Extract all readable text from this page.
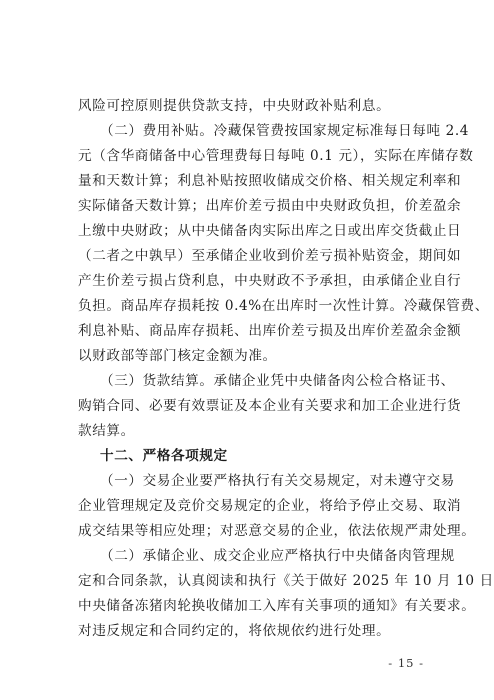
风险可控原则提供贷款支持，中央财政补贴利息。
（二）费用补贴。冷藏保管费按国家规定标准每日每吨 2.4
元（含华商储备中心管理费每日每吨 0.1 元），实际在库储存数
量和天数计算；利息补贴按照收储成交价格、相关规定利率和
实际储备天数计算；出库价差亏损由中央财政负担，价差盈余
上缴中央财政；从中央储备肉实际出库之日或出库交货截止日
（二者之中孰早）至承储企业收到价差亏损补贴资金，期间如
产生价差亏损占贷利息，中央财政不予承担，由承储企业自行
负担。商品库存损耗按 0.4%在出库时一次性计算。冷藏保管费、
利息补贴、商品库存损耗、出库价差亏损及出库价差盈余金额
以财政部等部门核定金额为准。
（三）货款结算。承储企业凭中央储备肉公检合格证书、
购销合同、必要有效票证及本企业有关要求和加工企业进行货
款结算。
十二、严格各项规定
（一）交易企业要严格执行有关交易规定，对未遵守交易
企业管理规定及竞价交易规定的企业，将给予停止交易、取消
成交结果等相应处理；对恶意交易的企业，依法依规严肃处理。
（二）承储企业、成交企业应严格执行中央储备肉管理规
定和合同条款，认真阅读和执行《关于做好 2025 年 10 月 10 日
中央储备冻猪肉轮换收储加工入库有关事项的通知》有关要求。
对违反规定和合同约定的，将依规依约进行处理。
- 15 -
